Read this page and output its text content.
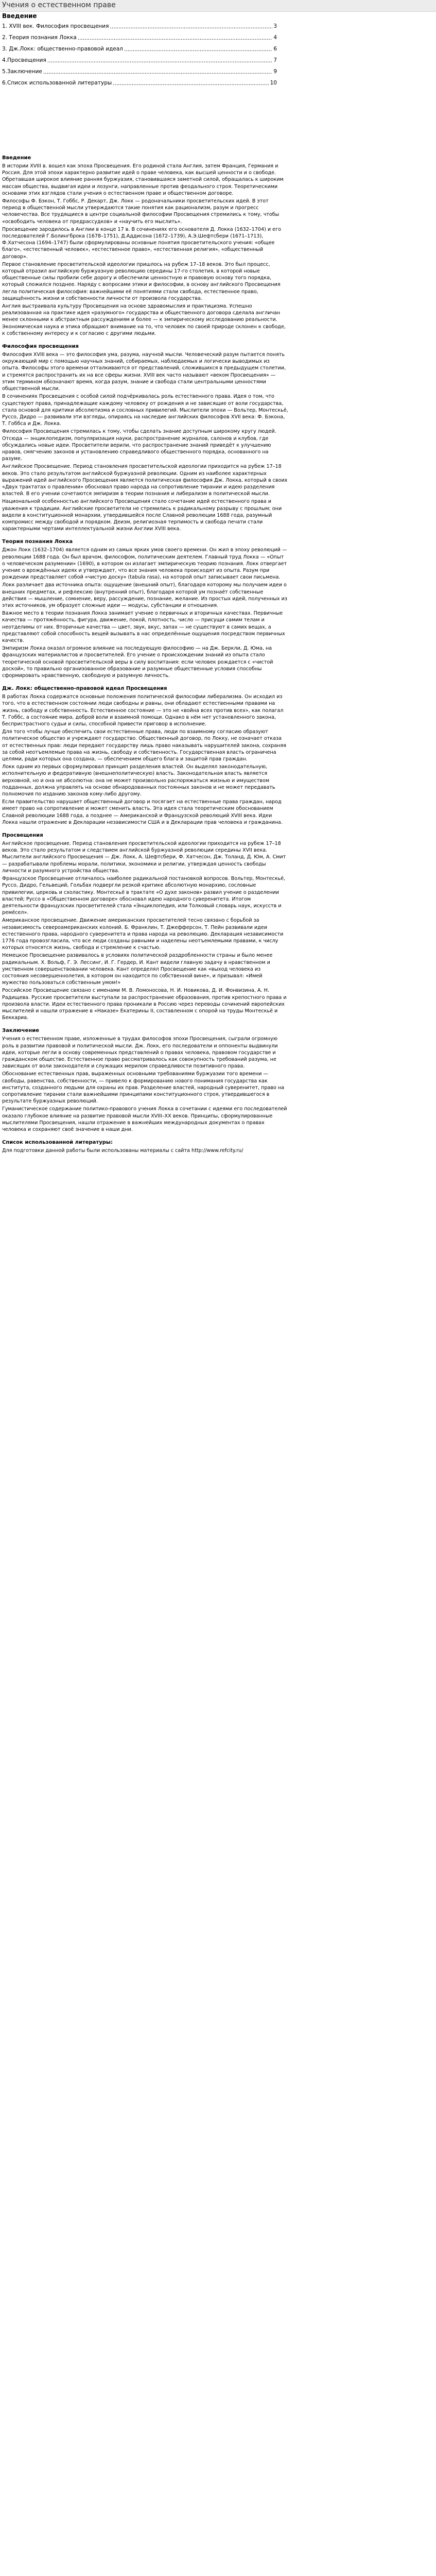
Учения о естественном праве
Введение
1. XVIII век. Философия просвещения .....	3
2. Теория познания Локка .....	4
3. Дж.Локк: общественно-правовой идеал .....	6
4.Просвещения .....	7
5.Заключение .....	9
6.Список использованной литературы .....	10
Введение

В истории XVIII в. вошел как эпоха Просвещения. Его родиной стала Англия, затем Франция, Германия и Россия. Для этой эпохи характерно развитие идей о праве человека, как высшей ценности и о свободе. Обретавшая широкое влияние ранняя буржуазия, становившаяся заметной силой, обращалась к широким массам общества, выдвигая идеи и лозунги, направленные против феодального строя. Теоретическими основами этих взглядов стали учения о естественном праве и общественном договоре.

Философы Ф. Бэкон, Т. Гоббс, Р. Декарт, Дж. Локк — родоначальники просветительских идей. В этот период в общественной мысли утверждаются такие понятия как рационализм, разум и прогресс человечества. Все трудящиеся в центре социальной философии Просвещения стремились к тому, чтобы «освободить человека от предрассудков» и «научить его мыслить».

Просвещение зародилось в Англии в конце 17 в. В сочинениях его основателя Д. Локка (1632–1704) и его последователей Г.Болингброка (1678–1751), Д.Аддисона (1672–1739), А.Э.Шефтсбери (1671–1713), Ф.Хатчесона (1694–1747) были сформулированы основные понятия просветительского учения: «общее благо», «естественный человек», «естественное право», «естественная религия», «общественный договор».

Первое становление просветительской идеологии пришлось на рубеж 17–18 веков. Это был процесс, который отразил английскую буржуазную революцию середины 17-го столетия, в которой новые общественные силы пробили себе дорогу и обеспечили ценностную и правовую основу того порядка, который сложился позднее. Наряду с вопросами этики и философии, в основу английского Просвещения легла политическая философия: важнейшими её понятиями стали свобода, естественное право, защищённость жизни и собственности личности от произвола государства.

Англия выстраивала культуру Просвещения на основе здравомыслия и практицизма. Успешно реализованная на практике идея «разумного» государства и общественного договора сделала англичан менее склонными к абстрактным рассуждениям и более — к эмпирическому исследованию реальности. Экономическая наука и этика обращают внимание на то, что человек по своей природе склонен к свободе, к собственному интересу и к согласию с другими людьми.

Философия просвещения

Философия XVIII века — это философия ума, разума, научной мысли. Человеческий разум пытается понять окружающий мир с помощью научных знаний, собираемых, наблюдаемых и логически выводимых из опыта. Философы этого времени отталкиваются от представлений, сложившихся в предыдущем столетии, и стремятся распространить их на все сферы жизни. XVIII век часто называют «веком Просвещения» — этим термином обозначают время, когда разум, знание и свобода стали центральными ценностями общественной мысли.

В сочинениях Просвещения с особой силой подчёркивалась роль естественного права. Идея о том, что существуют права, принадлежащие каждому человеку от рождения и не зависящие от воли государства, стала основой для критики абсолютизма и сословных привилегий. Мыслители эпохи — Вольтер, Монтескьё, Руссо, Дидро — развивали эти взгляды, опираясь на наследие английских философов XVII века: Ф. Бэкона, Т. Гоббса и Дж. Локка.

Философия Просвещения стремилась к тому, чтобы сделать знание доступным широкому кругу людей. Отсюда — энциклопедизм, популяризация науки, распространение журналов, салонов и клубов, где обсуждались новые идеи. Просветители верили, что распространение знаний приведёт к улучшению нравов, смягчению законов и установлению справедливого общественного порядка, основанного на разуме.

Английское Просвещение. Период становления просветительской идеологии приходится на рубеж 17–18 веков. Это стало результатом английской буржуазной революции. Одним из наиболее характерных выражений идей английского Просвещения является политическая философия Дж. Локка, который в своих «Двух трактатах о правлении» обосновал право народа на сопротивление тирании и идею разделения властей. В его учении сочетаются эмпиризм в теории познания и либерализм в политической мысли.

Национальной особенностью английского Просвещения стало сочетание идей естественного права и уважения к традиции. Английские просветители не стремились к радикальному разрыву с прошлым; они видели в конституционной монархии, утвердившейся после Славной революции 1688 года, разумный компромисс между свободой и порядком. Деизм, религиозная терпимость и свобода печати стали характерными чертами интеллектуальной жизни Англии XVIII века.

Теория познания Локка

Джон Локк (1632–1704) является одним из самых ярких умов своего времени. Он жил в эпоху революций — революции 1688 года. Он был врачом, философом, политическим деятелем. Главный труд Локка — «Опыт о человеческом разумении» (1690), в котором он излагает эмпирическую теорию познания. Локк отвергает учение о врождённых идеях и утверждает, что все знания человека происходят из опыта. Разум при рождении представляет собой «чистую доску» (tabula rasa), на которой опыт записывает свои письмена.

Локк различает два источника опыта: ощущение (внешний опыт), благодаря которому мы получаем идеи о внешних предметах, и рефлексию (внутренний опыт), благодаря которой ум познаёт собственные действия — мышление, сомнение, веру, рассуждение, познание, желание. Из простых идей, полученных из этих источников, ум образует сложные идеи — модусы, субстанции и отношения.

Важное место в теории познания Локка занимает учение о первичных и вторичных качествах. Первичные качества — протяжённость, фигура, движение, покой, плотность, число — присущи самим телам и неотделимы от них. Вторичные качества — цвет, звук, вкус, запах — не существуют в самих вещах, а представляют собой способность вещей вызывать в нас определённые ощущения посредством первичных качеств.

Эмпиризм Локка оказал огромное влияние на последующую философию — на Дж. Беркли, Д. Юма, на французских материалистов и просветителей. Его учение о происхождении знаний из опыта стало теоретической основой просветительской веры в силу воспитания: если человек рождается с «чистой доской», то правильно организованное образование и разумные общественные условия способны сформировать нравственную, свободную и разумную личность.

Дж. Локк: общественно-правовой идеал Просвещения

В работах Локка содержатся основные положения политической философии либерализма. Он исходил из того, что в естественном состоянии люди свободны и равны, они обладают естественными правами на жизнь, свободу и собственность. Естественное состояние — это не «война всех против всех», как полагал Т. Гоббс, а состояние мира, доброй воли и взаимной помощи. Однако в нём нет установленного закона, беспристрастного судьи и силы, способной привести приговор в исполнение.

Для того чтобы лучше обеспечить свои естественные права, люди по взаимному согласию образуют политическое общество и учреждают государство. Общественный договор, по Локку, не означает отказа от естественных прав: люди передают государству лишь право наказывать нарушителей закона, сохраняя за собой неотъемлемые права на жизнь, свободу и собственность. Государственная власть ограничена целями, ради которых она создана, — обеспечением общего блага и защитой прав граждан.

Локк одним из первых сформулировал принцип разделения властей. Он выделял законодательную, исполнительную и федеративную (внешнеполитическую) власть. Законодательная власть является верховной, но и она не абсолютна: она не может произвольно распоряжаться жизнью и имуществом подданных, должна управлять на основе обнародованных постоянных законов и не может передавать полномочия по изданию законов кому-либо другому.

Если правительство нарушает общественный договор и посягает на естественные права граждан, народ имеет право на сопротивление и может сменить власть. Эта идея стала теоретическим обоснованием Славной революции 1688 года, а позднее — Американской и Французской революций XVIII века. Идеи Локка нашли отражение в Декларации независимости США и в Декларации прав человека и гражданина.

Просвещения

Английское просвещение. Период становления просветительской идеологии приходится на рубеж 17–18 веков. Это стало результатом и следствием английской буржуазной революции середины XVII века. Мыслители английского Просвещения — Дж. Локк, А. Шефтсбери, Ф. Хатчесон, Дж. Толанд, Д. Юм, А. Смит — разрабатывали проблемы морали, политики, экономики и религии, утверждая ценность свободы личности и разумного устройства общества.

Французское Просвещение отличалось наиболее радикальной постановкой вопросов. Вольтер, Монтескьё, Руссо, Дидро, Гельвеций, Гольбах подвергли резкой критике абсолютную монархию, сословные привилегии, церковь и схоластику. Монтескьё в трактате «О духе законов» развил учение о разделении властей; Руссо в «Общественном договоре» обосновал идею народного суверенитета. Итогом деятельности французских просветителей стала «Энциклопедия, или Толковый словарь наук, искусств и ремёсел».

Американское просвещение. Движение американских просветителей тесно связано с борьбой за независимость североамериканских колоний. Б. Франклин, Т. Джефферсон, Т. Пейн развивали идеи естественного права, народного суверенитета и права народа на революцию. Декларация независимости 1776 года провозгласила, что все люди созданы равными и наделены неотъемлемыми правами, к числу которых относятся жизнь, свобода и стремление к счастью.

Немецкое Просвещение развивалось в условиях политической раздробленности страны и было менее радикальным. Х. Вольф, Г. Э. Лессинг, И. Г. Гердер, И. Кант видели главную задачу в нравственном и умственном совершенствовании человека. Кант определял Просвещение как «выход человека из состояния несовершеннолетия, в котором он находится по собственной вине», и призывал: «Имей мужество пользоваться собственным умом!»

Российское Просвещение связано с именами М. В. Ломоносова, Н. И. Новикова, Д. И. Фонвизина, А. Н. Радищева. Русские просветители выступали за распространение образования, против крепостного права и произвола власти. Идеи естественного права проникали в Россию через переводы сочинений европейских мыслителей и нашли отражение в «Наказе» Екатерины II, составленном с опорой на труды Монтескьё и Беккариа.

Заключение

Учения о естественном праве, изложенные в трудах философов эпохи Просвещения, сыграли огромную роль в развитии правовой и политической мысли. Дж. Локк, его последователи и оппоненты выдвинули идеи, которые легли в основу современных представлений о правах человека, правовом государстве и гражданском обществе. Естественное право рассматривалось как совокупность требований разума, не зависящих от воли законодателя и служащих мерилом справедливости позитивного права.

Обоснование естественных прав, выраженных основными требованиями буржуазии того времени — свободы, равенства, собственности, — привело к формированию нового понимания государства как института, созданного людьми для охраны их прав. Разделение властей, народный суверенитет, право на сопротивление тирании стали важнейшими принципами конституционного строя, утвердившегося в результате буржуазных революций.

Гуманистическое содержание политико-правового учения Локка в сочетании с идеями его последователей оказало глубокое влияние на развитие правовой мысли XVIII–XX веков. Принципы, сформулированные мыслителями Просвещения, нашли отражение в важнейших международных документах о правах человека и сохраняют своё значение в наши дни.

Список использованной литературы:

Для подготовки данной работы были использованы материалы с сайта http://www.refcity.ru/
